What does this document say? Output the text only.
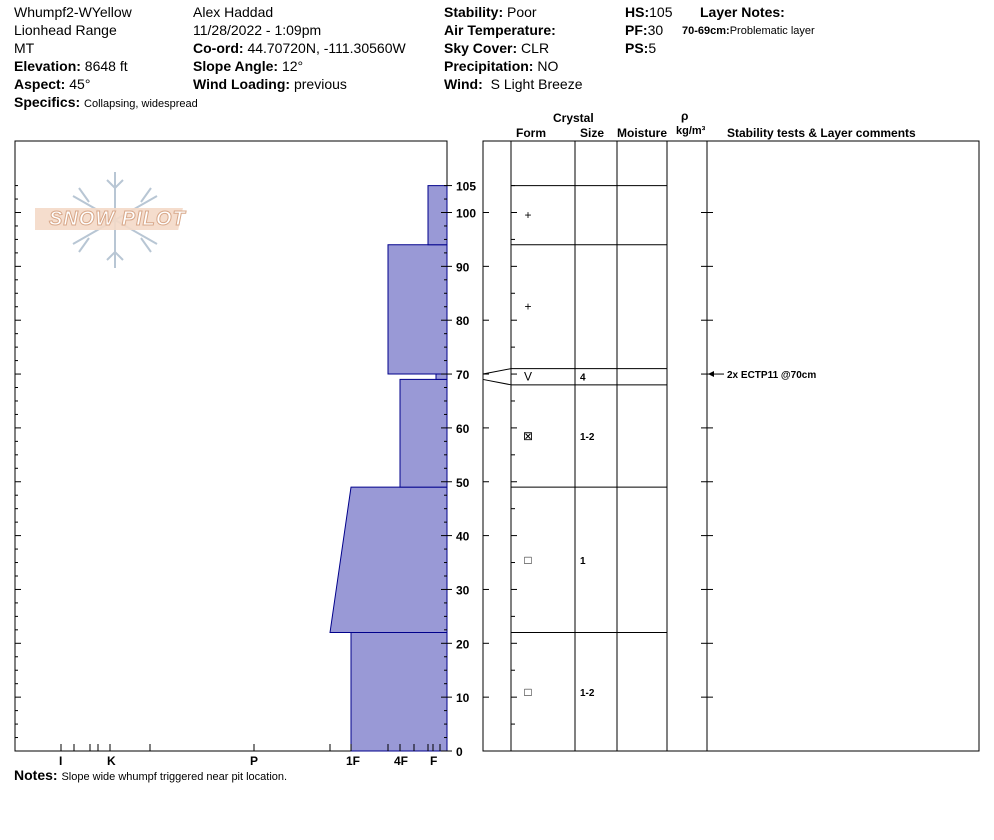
Whumpf2-WYellow
Lionhead Range
MT
Elevation: 8648 ft
Aspect: 45°
Specifics: Collapsing, widespread
Alex Haddad
11/28/2022 - 1:09pm
Co-ord: 44.70720N, -111.30560W
Slope Angle: 12°
Wind Loading: previous
Stability: Poor
Air Temperature:
Sky Cover: CLR
Precipitation: NO
Wind: S Light Breeze
HS:105
PF:30
PS:5
Layer Notes:
70-69cm:Problematic layer
0
10
20
30
40
50
60
70
80
90
100
105
I	K	P	1F	4F F
Crystal	ρ
Form	Size Moisture kg/m³ Stability tests & Layer comments
+
+
V	4
⊠	1-2
□	1
□	1-2
2x ECTP11 @70cm
SNOW PILOT
Notes: Slope wide whumpf triggered near pit location.
